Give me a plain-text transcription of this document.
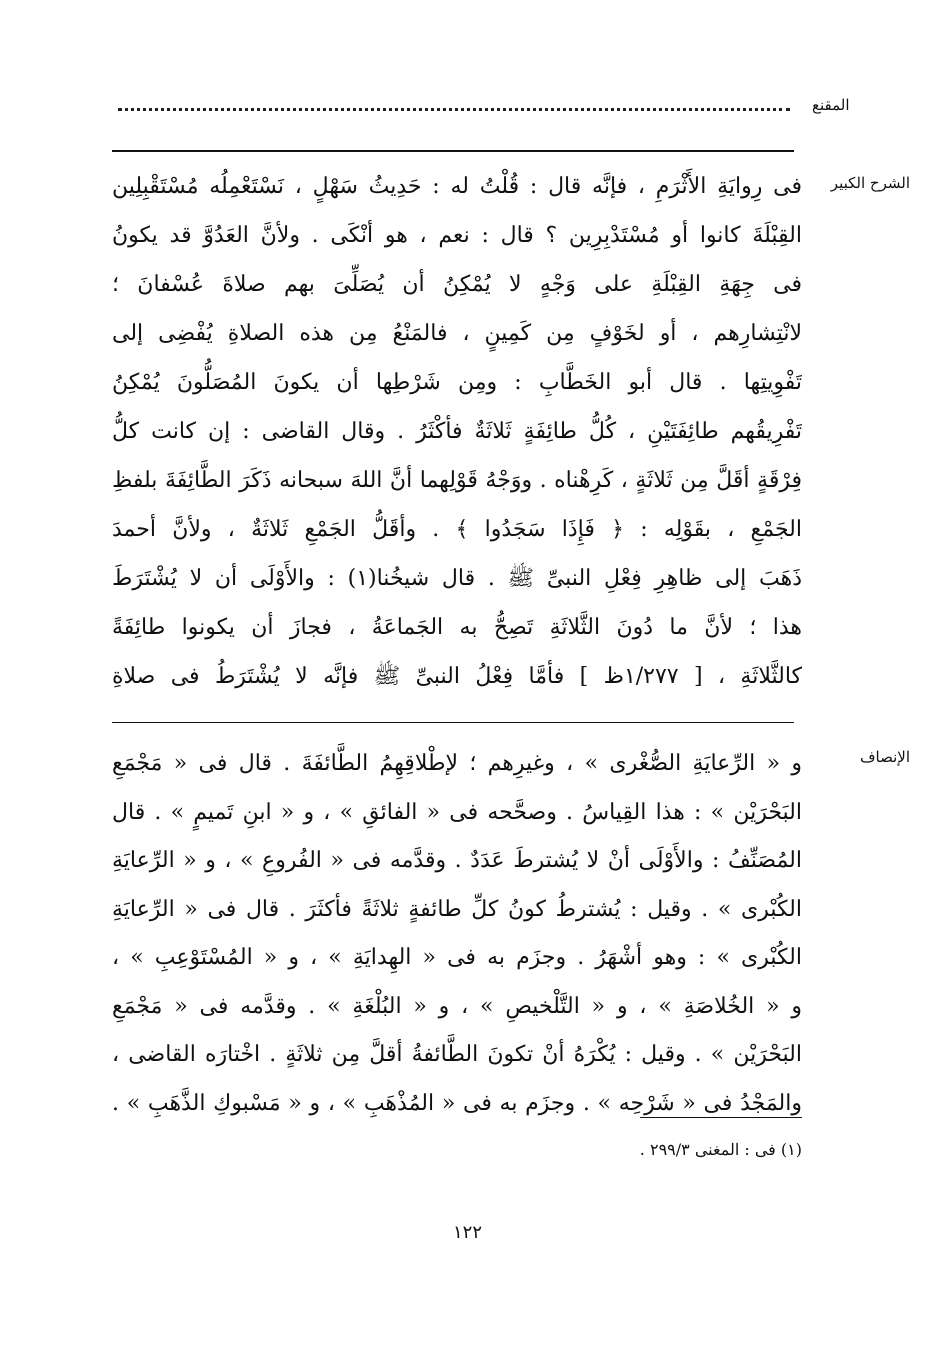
المقنع
الشرح الكبير
فى رِوايَةِ الأَثْرَمِ ، فإنَّه قال : قُلْتُ له : حَدِيثُ سَهْلٍ ، نَسْتَعْمِلُه مُسْتَقْبِلِين
القِبْلَةَ كانوا أو مُسْتَدْبِرِين ؟ قال : نعم ، هو أنْكَى . ولأنَّ العَدُوَّ قد يكونُ
فى جِهَةِ القِبْلَةِ على وَجْهٍ لا يُمْكِنُ أن يُصَلِّىَ بهم صلاةَ عُسْفانَ ؛
لانْتِشارِهم ، أو لخَوْفٍ مِن كَمِينٍ ، فالمَنْعُ مِن هذه الصلاةِ يُفْضِى إلى
تَفْوِيتِها . قال أبو الخَطَّابِ : ومِن شَرْطِها أن يكونَ المُصَلُّونَ يُمْكِنُ
تَفْرِيقُهم طائِفَتَيْنِ ، كُلُّ طائِفَةٍ ثَلاثَةٌ فأكْثَرُ . وقال القاضى : إن كانت كلُّ
فِرْقَةٍ أقَلَّ مِن ثَلاثَةٍ ، كَرِهْناه . ووَجْهُ قَوْلِهما أنَّ اللهَ سبحانه ذَكَرَ الطَّائِفَةَ بلفظِ
الجَمْعِ ، بقَوْلِه : ﴿ فَإِذَا سَجَدُوا ﴾ . وأقَلُّ الجَمْعِ ثَلاثَةٌ ، ولأنَّ أحمدَ
ذَهَبَ إلى ظاهِرِ فِعْلِ النبىِّ ﷺ . قال شيخُنا(١) : والأَوْلَى أن لا يُشْتَرَطَ
هذا ؛ لأنَّ ما دُونَ الثَّلاثَةِ تَصِحُّ به الجَماعَةُ ، فجازَ أن يكونوا طائِفَةً
كالثَّلاثَةِ ، [ ١/٢٧٧ظ ] فأمَّا فِعْلُ النبىِّ ﷺ فإنَّه لا يُشْتَرَطُ فى صلاةِ
الإنصاف
و « الرِّعايَةِ الصُّغْرى » ، وغيرِهم ؛ لإطْلاقِهِمُ الطَّائفَةَ . قال فى « مَجْمَعِ
البَحْرَيْن » : هذا القِياسُ . وصحَّحه فى « الفائقِ » ، و « ابنِ تَميمٍ » . قال
المُصَنِّفُ : والأَوْلَى أنْ لا يُشترطَ عَدَدٌ . وقدَّمه فى « الفُروعِ » ، و « الرِّعايَةِ
الكُبْرى » . وقيل : يُشترطُ كونُ كلِّ طائفةٍ ثلاثَةً فأكثَرَ . قال فى « الرِّعايَةِ
الكُبْرى » : وهو أشْهَرُ . وجزَم به فى « الهِدايَةِ » ، و « المُسْتَوْعِبِ » ،
و « الخُلاصَةِ » ، و « التَّلْخيصِ » ، و « البُلْغَةِ » . وقدَّمه فى « مَجْمَعِ
البَحْرَيْن » . وقيل : يُكْرَهُ أنْ تكونَ الطَّائفةُ أقلَّ مِن ثلاثَةٍ . اخْتارَه القاضى ،
والمَجْدُ فى « شَرْحِه » . وجزَم به فى « المُذْهَبِ » ، و « مَسْبوكِ الذَّهَبِ » .
(١) فى : المغنى ٢٩٩/٣ .
١٢٢
